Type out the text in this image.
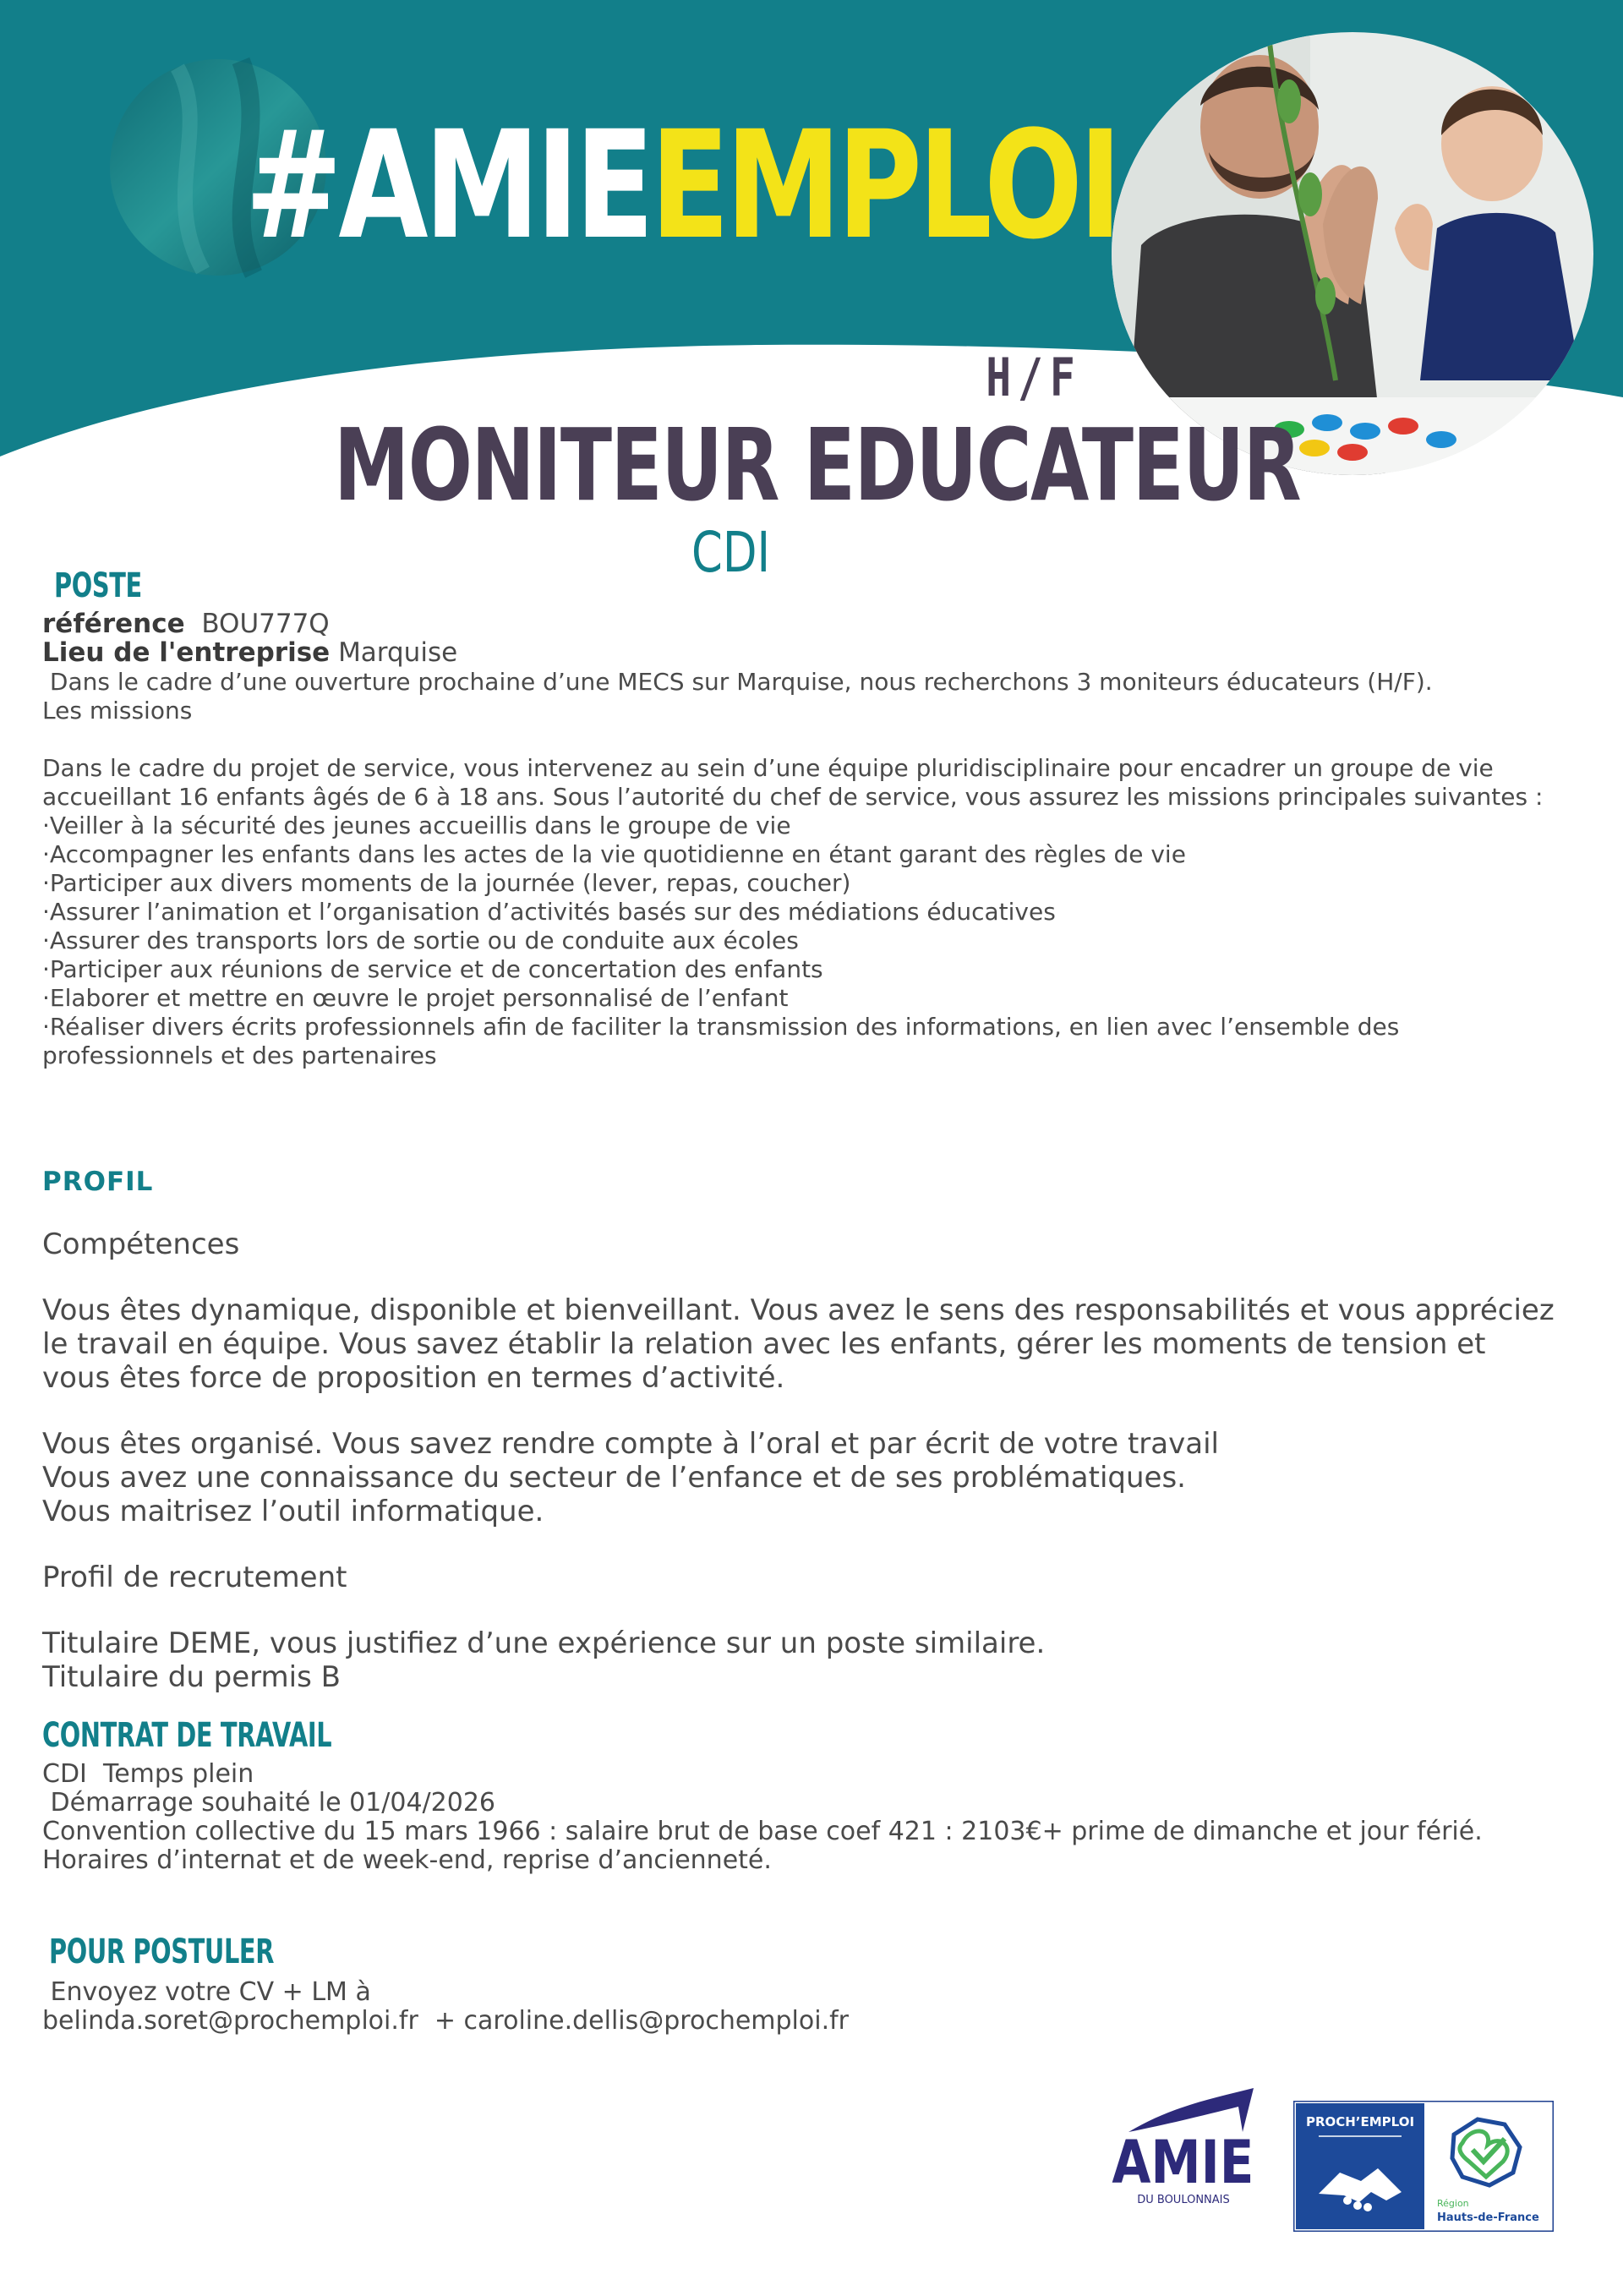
#AMIEEMPLOI
H/F
MONITEUR EDUCATEUR
CDI
POSTE
référence BOU777Q
Lieu de l'entreprise Marquise
Dans le cadre d’une ouverture prochaine d’une MECS sur Marquise, nous recherchons 3 moniteurs éducateurs (H/F).
Les missions
Dans le cadre du projet de service, vous intervenez au sein d’une équipe pluridisciplinaire pour encadrer un groupe de vie accueillant 16 enfants âgés de 6 à 18 ans. Sous l’autorité du chef de service, vous assurez les missions principales suivantes :
·Veiller à la sécurité des jeunes accueillis dans le groupe de vie
·Accompagner les enfants dans les actes de la vie quotidienne en étant garant des règles de vie
·Participer aux divers moments de la journée (lever, repas, coucher)
·Assurer l’animation et l’organisation d’activités basés sur des médiations éducatives
·Assurer des transports lors de sortie ou de conduite aux écoles
·Participer aux réunions de service et de concertation des enfants
·Elaborer et mettre en œuvre le projet personnalisé de l’enfant
·Réaliser divers écrits professionnels afin de faciliter la transmission des informations, en lien avec l’ensemble des professionnels et des partenaires
PROFIL
Compétences
Vous êtes dynamique, disponible et bienveillant. Vous avez le sens des responsabilités et vous appréciez le travail en équipe. Vous savez établir la relation avec les enfants, gérer les moments de tension et vous êtes force de proposition en termes d’activité.
Vous êtes organisé. Vous savez rendre compte à l’oral et par écrit de votre travail
Vous avez une connaissance du secteur de l’enfance et de ses problématiques.
Vous maitrisez l’outil informatique.
Profil de recrutement
Titulaire DEME, vous justifiez d’une expérience sur un poste similaire.
Titulaire du permis B
CONTRAT DE TRAVAIL
CDI  Temps plein
Démarrage souhaité le 01/04/2026
Convention collective du 15 mars 1966 : salaire brut de base coef 421 : 2103€+ prime de dimanche et jour férié.
Horaires d’internat et de week-end, reprise d’ancienneté.
POUR POSTULER
Envoyez votre CV + LM à
belinda.soret@prochemploi.fr  + caroline.dellis@prochemploi.fr
AMIE
DU BOULONNAIS
PROCH’EMPLOI
Région
Hauts-de-France
